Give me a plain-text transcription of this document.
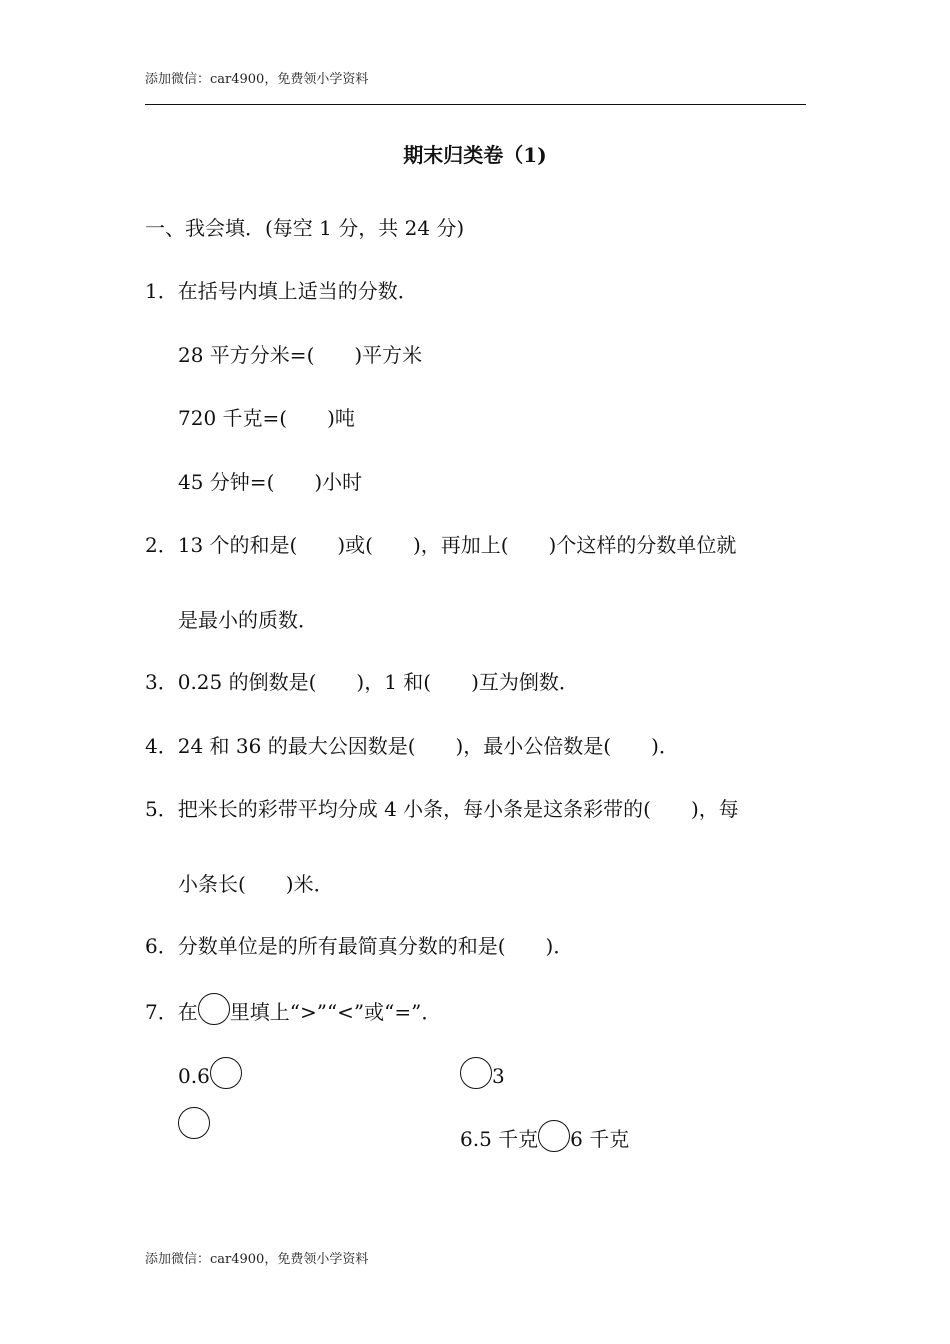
添加微信：car4900，免费领小学资料
期末归类卷（1)
一、我会填．(每空 1 分，共 24 分)
1．在括号内填上适当的分数．
28 平方分米=(　　)平方米
720 千克=(　　)吨
45 分钟=(　　)小时
2．13 个的和是(　　)或(　　)，再加上(　　)个这样的分数单位就
是最小的质数．
3．0.25 的倒数是(　　)，1 和(　　)互为倒数．
4．24 和 36 的最大公因数是(　　)，最小公倍数是(　　)．
5．把米长的彩带平均分成 4 小条，每小条是这条彩带的(　　)，每
小条长(　　)米．
6．分数单位是的所有最简真分数的和是(　　)．
7．在 里填上“>”“<”或“=”．
0.6	3
6.5 千克 6 千克
添加微信：car4900，免费领小学资料
